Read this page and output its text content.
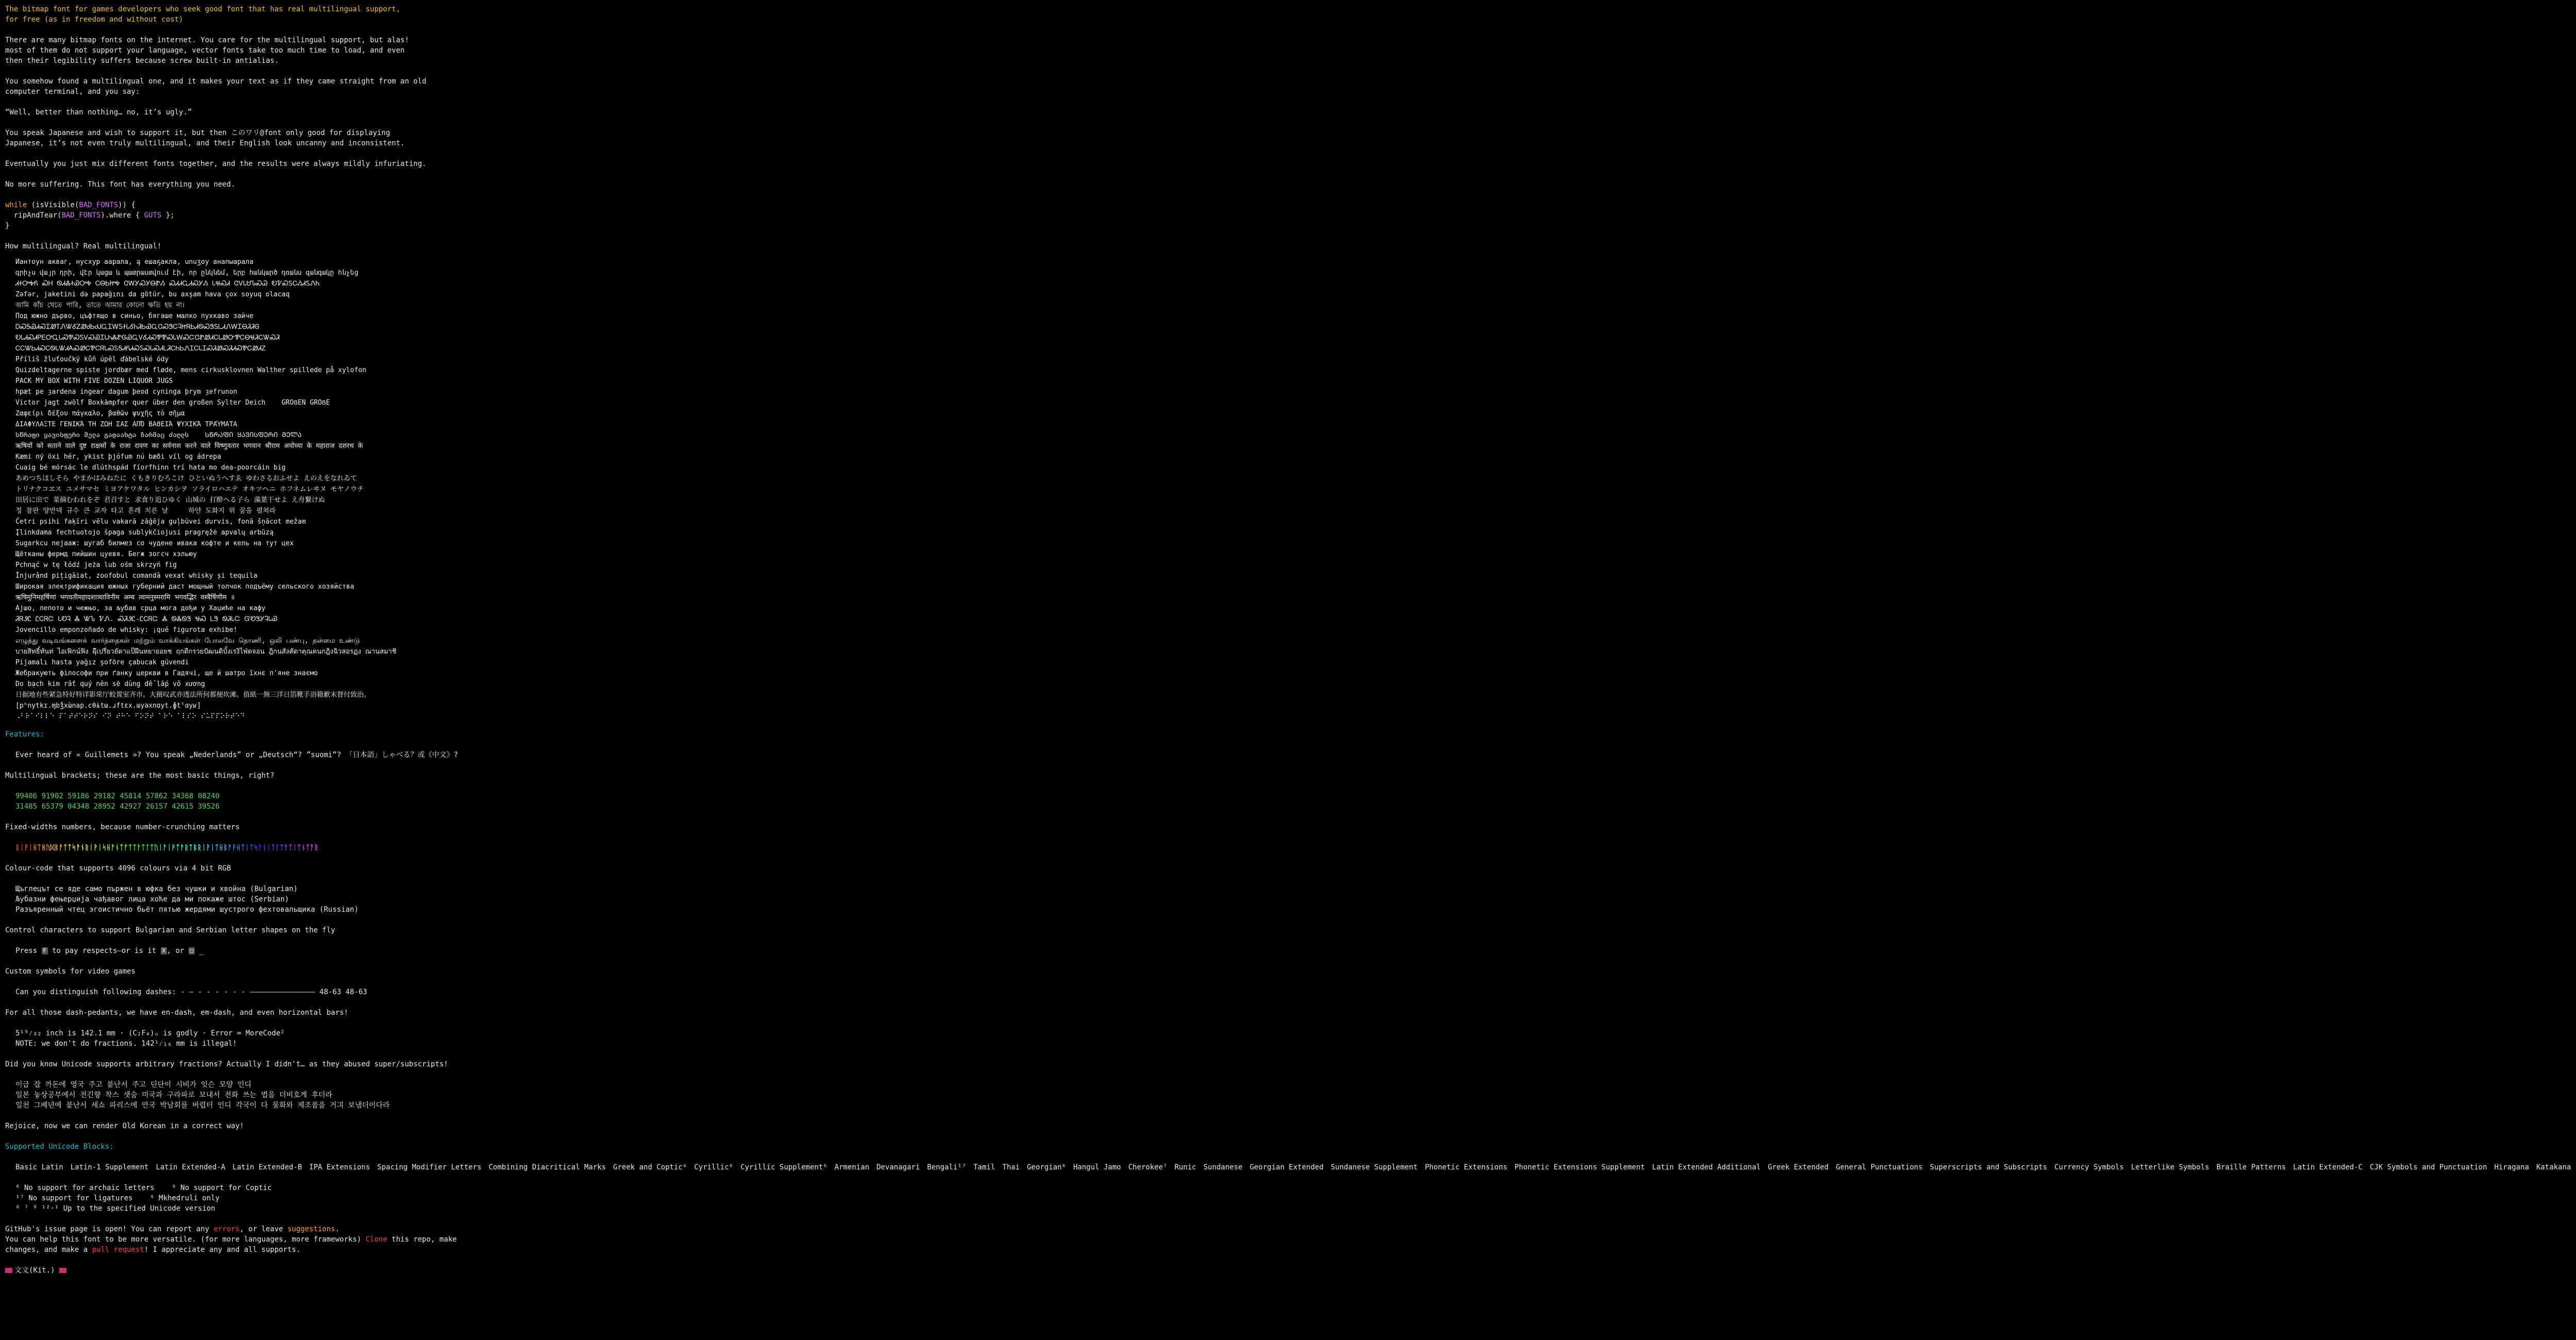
The bitmap font for games developers who seek good font that has real multilingual support,
for free (as in freedom and without cost)
There are many bitmap fonts on the internet. You care for the multilingual support, but alas!
most of them do not support your language, vector fonts take too much time to load, and even
then their legibility suffers because screw built-in antialias.
You somehow found a multilingual one, and it makes your text as if they came straight from an old
computer terminal, and you say:
“Well, better than nothing… no, it’s ugly.”
You speak Japanese and wish to support it, but then このワリ@font only good for displaying
Japanese, it’s not even truly multilingual, and their English look uncanny and inconsistent.
Eventually you just mix different fonts together, and the results were always mildly infuriating.
No more suffering. This font has everything you need.
while (isVisible(BAD_FONTS)) {
ripAndTear(BAD_FONTS).where { GUTS };
}
How multilingual? Real multilingual!
Иантоун акваг, нусхур аарала, ą eшaҕакла, unuӡoy анапыарала
գրիչս վայր դրի, վէր կացա և պատրաստվում էի, որ ընկնեմ, երբ հանկարծ դռանս զանգակը հնչեց
ᏗᏐᎤᎭᏲ ᏍᎻ ᏫᏗᏜᏐᏯᎤᎭ ᏟᎾᏏᏥᎭ ᏣᎳᎩᏍᎩᎾᏑᏱ ᏍᏗᏗᏩᏗᏍᎩᏱ ᏓᏠᏍᏗ ᏣᏙᏓᏌᏖᏍᏊ ᎧᏤᏍᏚᏟᏱᏗᏚᏁᏂ
Zəfər, jaketini də papağını da götür, bu axşam hava çox soyuq olacaq
আমি কাঁচ খেতে পারি, তাতে আমার কোনো ক্ষতি হয় না।
Под южно дърво, цъфтящо в синьо, бягаше малко пухкаво зайче
ᎠᏍᎦᏯᏗᏍᏆᏪᎢᏁᏔᎴᏃᏪᏧᏏᏧᎫᏩᏆᎳᏚᏐᏓᎴᏂᏘᏏᏯᏩᏣᏍᏕᏟᎸᏥᏒᏏᏗᏫᏍᏕᏚᏞᏗᏁᎳᏆᎾᏘᏘᎶ
ᎧᏓᏗᏍᏗᏢᎬᎤᏩᏓᏍᏈᏍᏚᏙᏍᏯᏆᏓᏂᏜᏑᎶᏯᏩᏙᎴᏗᏍᏈᏈᏍᏓᎳᏍᏨᏣᏑᏪᏗᏟᏓᏪᏅᏈᏟᎾᏠᏘᏟᏔᏍᏘ
ᏟᏟᏔᏏᏗᏍᏟᏫᏓᏔᏗᎪᏍᏪᏟᏈᏟᏒᏓᏍᏚᎦᏗᏲᏗᏍᏚᏍᏓᏍᏗᏞᏘᏟᏂᏏᏁᏆᏟᏓᏆᏍᏘᏪᏍᏘᏗᏍᏈᏟᏪᏗᏃ
Příliš žluťoučký kůň úpěl ďábelské ódy
Quizdeltagerne spiste jordbær med fløde, mens cirkusklovnen Walther spillede på xylofon
PACK MY BOX WITH FIVE DOZEN LIQUOR JUGS
hpæt pe ȝardena ingear dagum þeod cyninga þrym ȝefrunon
Victor jagt zwölf Boxkämpfer quer über den großen Sylter Deich    GROẞEN GROẞE
Ζαφείρι δέξου πάγκαλο, βαθῶν ψυχῆς τὸ σῆμα
ΔΙΑΦΥΛΑΞΤΕ ΓΕΝΙΚΆ ΤΗ ΖΩΗ ΣΑΣ ΑΠΌ ΒΑΘΕΙΆ ΨΥΧΙΚΆ ΤΡΑΎΜΑΤΑ
სწრაფი ყავისფერი მელა გადაახტა ზარმაც ძაღლს    ᲡᲬᲠᲐᲤᲘ ᲧᲐᲕᲘᲡᲤᲔᲠᲘ ᲛᲔᲚᲐ
ऋषियों को सताने वाले दुष्ट राक्षसों के राजा रावण का सर्वनाश करने वाले विष्णुवतार भगवान श्रीराम अयोध्या के महाराज दशरथ के
Kæmi ný öxi hér, ykist þjófum nú bæði víl og ádrepa
Cuaig bé mórsác le dlúthspád fíorfhinn trí hata mo dea-poorcáin big
あめつちほしそら やまかはみねたに くもきりむろこけ ひといぬうへすゑ ゆわさるおふせよ えのえをなれゐて
トリナクコヱス ユメサマセ ミヨアケワタル ヒンカシヲ ソライロハエテ オキツヘニ ホフネムレヰヌ モヤノウチ
田居に出で 菜摘むわれをぞ 君召すと 求食り追ひゆく 山城の 打酔へる子ら 藻葉干せよ え舟繋けぬ
정 참판 양반댁 규수 큰 교자 타고 혼례 치른 날     하얀 도화지 위 꿈을 펼쳐라
Četri psihi faķīri vēlu vakarā zāģēja guļbūvei durvis, fonā šņācot mežam
Įlinkdama fechtuotojo špaga sublykčiojusi pragręžė apvalų arbūzą
Sugarkcu nejaaж: шугаб билмез со чудене ивака кофте и кель на тут цех
Щётканы фермд пийшин цуевя. Бегж зогсч хэльюу
Pchnąć w tę łódź jeża lub ośm skrzyń fig
Înjurând pițigăiat, zoofobul comandă vexat whisky și tequila
Широкая электрификация южных губерний даст мощный толчок подъёму сельского хозяйства
ऋषिमुनिमहर्षिणां भगवतीमहादशात्र्याविनीम अम्ब त्वामनुस्मरामि भगवद्भिर वस्त्रैर्षिणीम ॥
Ајшо, лепото и чежњо, за љубав срца мога дођи у Хаџиће на кафу
ᏘᏒᏭᏝ ᏝᏟᏒᏨ ᏓᏬᎸ Ꮬ ᏔᏖ ᏤᏁ. ᏍᏘᏭᏝ-ᏝᏟᏒᏨ Ꮬ ᏫᏜᏫᏕ ᏠᏍ ᏞᏕ ᏫᏘᏓᏨ ᏳᏬᏕᎩᎸᏓᏯ
Jovencillo emponzoñado de whisky: ¡qué figurota exhibe!
எழுத்து வடிவங்களைக் வார்த்தைகள் மற்றும் வாக்கியங்கள் போலவே தொணி, ஒலி பண்பு, தன்மை உண்டு
บายสิทธิ์ทันท่ ไอเฟิกน์ฟิง ผิุ้เปรี่ยวยัดาแป็ฝึนหยายอยช ฤกตีกรวยปัฒนดิบั้งเรงิไฟ่ดจอน ฎิกนสังคัดาคุณคนกฎิงฉิวสอรฏง ณานสมาชิ
Pijamalı hasta yağız şoföre çabucak güvendi
Жебракують філософи при ґанку церкви в Гадячі, ще й шатро їхнє п'яне знаємо
Do bạch kim rất quý nên sẽ dùng để lắp vô xương
日据地有些紧急特好特详影常厅蛟置室齐市。大摄叹武亦透法所何都便坎滩。值紙一無三洋日箔靴手浴籍歉末替付致治。
[pʰnytkɪ.ɱbʒ̊xɯ̀nap.cθɨtɯ.ɹftɛx.ɯyaxnɑyt.ɸtˤɑyʁ]
⠠⠃⠗⠁⠊⠇⠇⠑ ⠏⠁⠞⠞⠑⠗⠝⠎ ⠊⠝ ⠞⠓⠑ ⠋⠕⠝⠞ ⠁⠗⠑ ⠁⠇⠎⠕ ⠎⠥⠏⠏⠕⠗⠞⠑⠙
Features:
Ever heard of « Guillemets »? You speak „Nederlands” or „Deutsch“? ”suomi”? 「日本語」しゃべる？或《中文》?
Multilingual brackets; these are the most basic things, right?
99406 91902 59186 29182 45814 57862 34368 08240
31485 65379 04348 28952 42927 26157 42615 39526
Fixed-widths numbers, because number-crunching matters
ᚱᛁᚹᛁᚺᛏᚻᚢᛞᛒᚨᛏᛏᛋᚨᚾᚱᛁᚹᛁᛋᚺᚨᚾᛏᚠᛏᛏᚨᛏᛚᛏᚢᛁᚨᛁᚹᛏᚨᚱᛏᛒᚱᛁᚹᛁᛏᚺᛒᚨᚹᚺᛏᛁᛏᛋᚨᚾᛁᛏᛚᛏᚨᛏᛁᛏᚾᛏᚨᚱ
Colour-code that supports 4096 colours via 4 bit RGB
Щъглецът се яде само пържен в юфка без чушки и хвойна (Bulgarian)
Љубазни фењерџија чађавог лица хоће да ми покаже штос (Serbian)
Разъяренный чтец эгоистично бьёт пятью жердями шустрого фехтовальщика (Russian)
Control characters to support Bulgarian and Serbian letter shapes on the fly
Press F to pay respects—or is it X , or □ _
Custom symbols for video games
Can you distinguish following dashes: - – - - - - - - ——————————————— 48-63 48-63
For all those dash-pedants, we have en-dash, em-dash, and even horizontal bars!
5¹⁹⁄₃₂ inch is 142.1 mm · (C₂F₄)ₙ is godly · Error = MoreCode²
NOTE: we don't do fractions. 142¹⁄₁₆ mm is illegal!
Did you know Unicode supports arbitrary fractions? Actually I didn't… as they abused super/subscripts!
이급 잡 까돈에 영국 주고 붙난서 주고 딘단이 시비가 잇슨 모양 인디
일본 놓상공부에서 전긴향 착스 샛숨 미국과 구라파로 보내서 전화 쓰는 법을 더비호게 후더라
일천 그볘년에 붙난서 세쇼 파리스에 만국 박남회를 버렵터 인디 각국이 다 물화와 제조품을 거긔 보냄더이다라
Rejoice, now we can render Old Korean in a correct way!
Supported Unicode Blocks:
Basic Latin Latin-1 Supplement Latin Extended-A Latin Extended-B IPA Extensions Spacing Modifier Letters Combining Diacritical Marks Greek and Coptic⁶ Cyrillic⁶ Cyrillic Supplement⁶ Armenian Devanagari Bengali¹⁷ Tamil Thai Georgian⁶ Hangul Jamo Cherokee⁷ Runic Sundanese Georgian Extended Sundanese Supplement Phonetic Extensions Phonetic Extensions Supplement Latin Extended Additional Greek Extended General Punctuations Superscripts and Subscripts Currency Symbols Letterlike Symbols Braille Patterns Latin Extended-C CJK Symbols and Punctuation Hiragana Katakana
⁶ No support for archaic letters    ⁶ No support for Coptic
¹⁷ No support for ligatures    ⁶ Mkhedruli only
⁶ ⁷ ⁹ ¹²·¹ Up to the specified Unicode version
GitHub's issue page is open! You can report any errors, or leave suggestions.
You can help this font to be more versatile. (for more languages, more frameworks) Clone this repo, make
changes, and make a pull request! I appreciate any and all supports.
文文(Kit.)
